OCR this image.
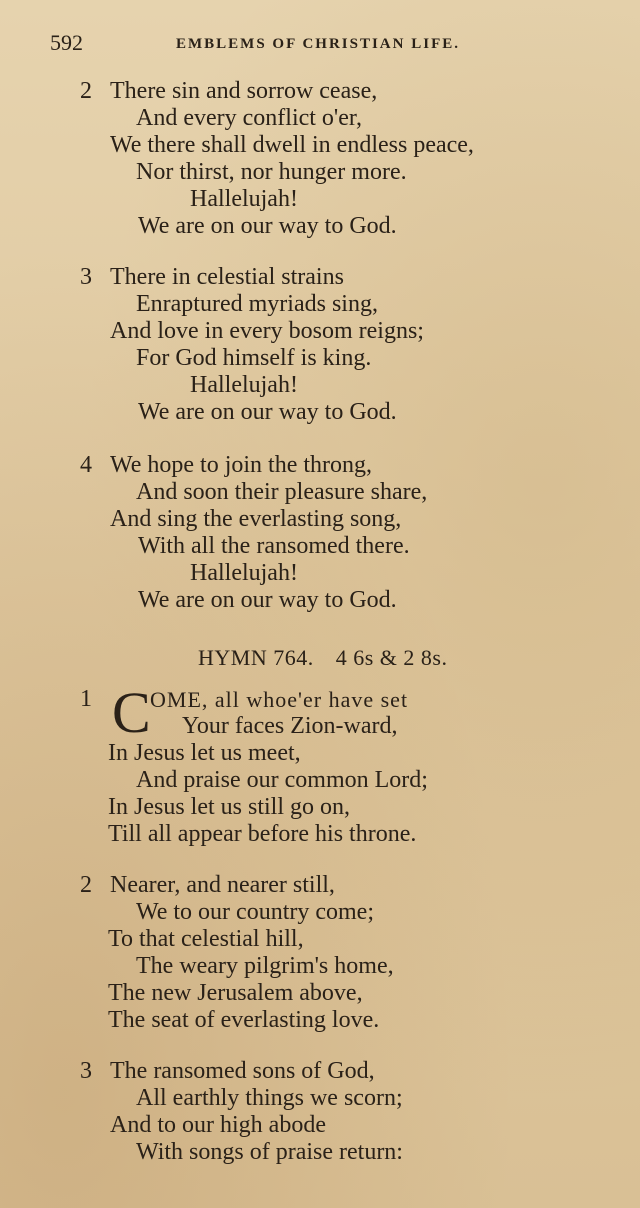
592	EMBLEMS OF CHRISTIAN LIFE.
2 There sin and sorrow cease,
And every conflict o'er,
We there shall dwell in endless peace,
Nor thirst, nor hunger more.
Hallelujah!
We are on our way to God.
3 There in celestial strains
Enraptured myriads sing,
And love in every bosom reigns;
For God himself is king.
Hallelujah!
We are on our way to God.
4 We hope to join the throng,
And soon their pleasure share,
And sing the everlasting song,
With all the ransomed there.
Hallelujah!
We are on our way to God.
HYMN 764. 4 6s & 2 8s.
1 C OME, all whoe'er have set
Your faces Zion-ward,
In Jesus let us meet,
And praise our common Lord;
In Jesus let us still go on,
Till all appear before his throne.
2 Nearer, and nearer still,
We to our country come;
To that celestial hill,
The weary pilgrim's home,
The new Jerusalem above,
The seat of everlasting love.
3 The ransomed sons of God,
All earthly things we scorn;
And to our high abode
With songs of praise return:
